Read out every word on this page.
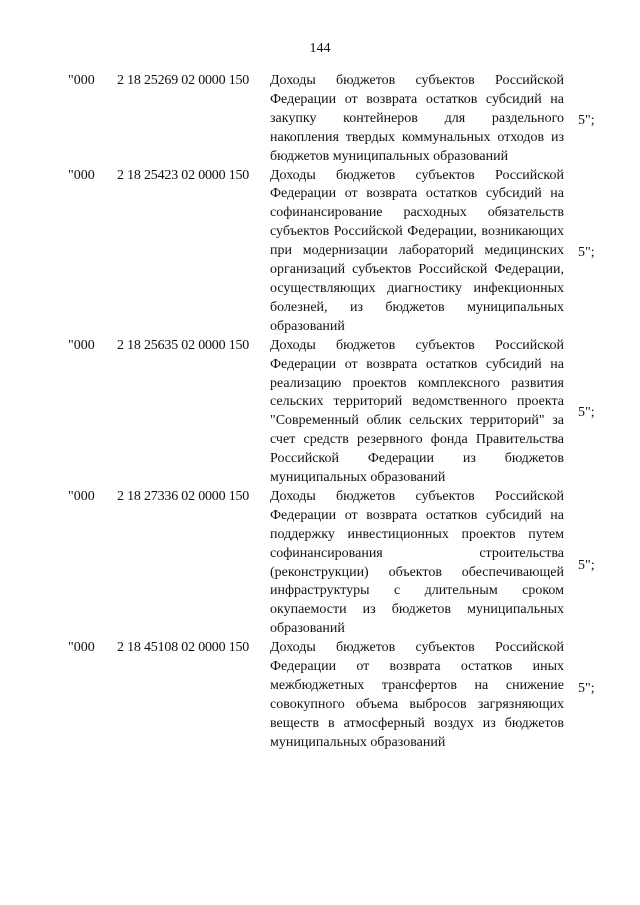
144
"000 2 18 25269 02 0000 150 Доходы бюджетов субъектов Российской Федерации от возврата остатков субсидий на закупку контейнеров для раздельного накопления твердых коммунальных отходов из бюджетов муниципальных образований
5";
"000 2 18 25423 02 0000 150 Доходы бюджетов субъектов Российской Федерации от возврата остатков субсидий на софинансирование расходных обязательств субъектов Российской Федерации, возникающих при модернизации лабораторий медицинских организаций субъектов Российской Федерации, осуществляющих диагностику инфекционных болезней, из бюджетов муниципальных образований
5";
"000 2 18 25635 02 0000 150 Доходы бюджетов субъектов Российской Федерации от возврата остатков субсидий на реализацию проектов комплексного развития сельских территорий ведомственного проекта "Современный облик сельских территорий" за счет средств резервного фонда Правительства Российской Федерации из бюджетов муниципальных образований
5";
"000 2 18 27336 02 0000 150 Доходы бюджетов субъектов Российской Федерации от возврата остатков субсидий на поддержку инвестиционных проектов путем софинансирования строительства (реконструкции) объектов обеспечивающей инфраструктуры с длительным сроком окупаемости из бюджетов муниципальных образований
5";
"000 2 18 45108 02 0000 150 Доходы бюджетов субъектов Российской Федерации от возврата остатков иных межбюджетных трансфертов на снижение совокупного объема выбросов загрязняющих веществ в атмосферный воздух из бюджетов муниципальных образований
5";
